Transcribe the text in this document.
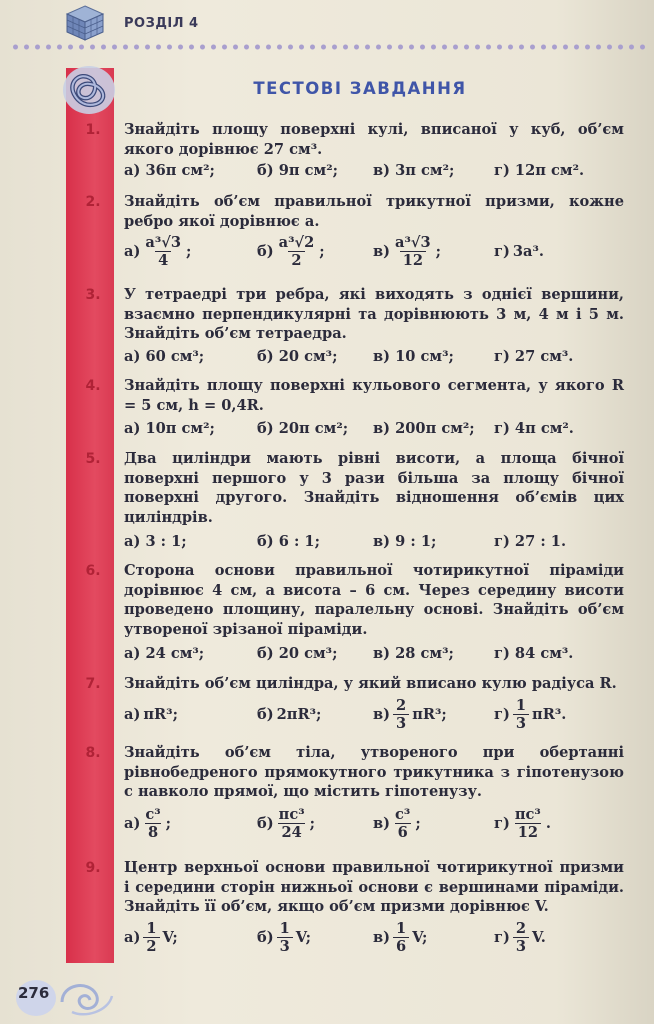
РОЗДІЛ 4
ТЕСТОВІ ЗАВДАННЯ
1.	Знайдіть площу поверхні кулі, вписаної у куб, об’єм якого дорівнює 27 см³.
а) 36π см²;	б) 9π см²; в) 3π см²;	г) 12π см².
2.	Знайдіть об’єм правильної трикутної призми, кожне ребро якої дорівнює a.
$а) \frac{\text{a³√3}}{4}$ ;	$б) \frac{\text{a³√2}}{2}$ ;	$в) \frac{\text{a³√3}}{12}$ ;	г) 3a³.
3.	У тетраедрі три ребра, які виходять з однієї вершини, взаємно перпендикулярні та дорівнюють 3 м, 4 м і 5 м. Знайдіть об’єм тетраедра.
а) 60 см³;	б) 20 см³; в) 10 см³;	г) 27 см³.
4.	Знайдіть площу поверхні кульового сегмента, у якого R = 5 см, h = 0,4R.
а) 10π см²;	б) 20π см²; в) 200π см²; г) 4π см².
5.	Два циліндри мають рівні висоти, а площа бічної поверхні першого у 3 рази більша за площу бічної поверхні другого. Знайдіть відношення об’ємів цих циліндрів.
а) 3 : 1;	б) 6 : 1;	в) 9 : 1;	г) 27 : 1.
6.	Сторона основи правильної чотирикутної піраміди дорівнює 4 см, а висота – 6 см. Через середину висоти проведено площину, паралельну основі. Знайдіть об’єм утвореної зрізаної піраміди.
а) 24 см³;	б) 20 см³; в) 28 см³;	г) 84 см³.
7.	Знайдіть об’єм циліндра, у який вписано кулю радіуса R.
а) πR³;	б) 2πR³;	$в) \frac{2}{3} \pi R^3$;	$г) \frac{1}{3} \pi R^3$.
8.	Знайдіть об’єм тіла, утвореного при обертанні рівнобедреного прямокутного трикутника з гіпотенузою c навколо прямої, що містить гіпотенузу.
$а) \frac{\text{c³}}{8}$ ;	$б) \frac{\text{πc³}}{24}$ ;	$в) \frac{\text{c³}}{6}$ ;	$г) \frac{\text{πc³}}{12}$ .
9.	Центр верхньої основи правильної чотирикутної призми і середини сторін нижньої основи є вершинами піраміди. Знайдіть її об’єм, якщо об’єм призми дорівнює V.
$а) \frac{1}{2} V$;	$б) \frac{1}{3} V$;	$в) \frac{1}{6} V$;	$г) \frac{2}{3} V$.
276
